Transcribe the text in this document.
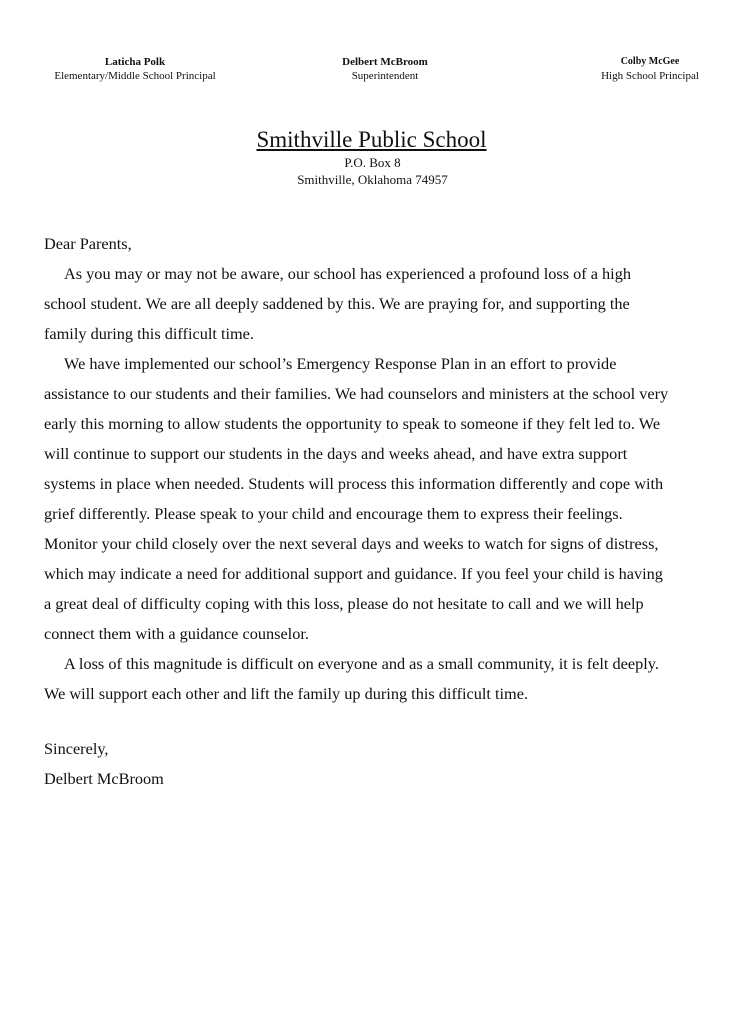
Laticha Polk
Elementary/Middle School Principal
Delbert McBroom
Superintendent
Colby McGee
High School Principal
Smithville Public School
P.O. Box 8
Smithville, Oklahoma 74957
Dear Parents,
As you may or may not be aware, our school has experienced a profound loss of a high
school student. We are all deeply saddened by this. We are praying for, and supporting the
family during this difficult time.
We have implemented our school’s Emergency Response Plan in an effort to provide
assistance to our students and their families. We had counselors and ministers at the school very
early this morning to allow students the opportunity to speak to someone if they felt led to. We
will continue to support our students in the days and weeks ahead, and have extra support
systems in place when needed. Students will process this information differently and cope with
grief differently. Please speak to your child and encourage them to express their feelings.
Monitor your child closely over the next several days and weeks to watch for signs of distress,
which may indicate a need for additional support and guidance. If you feel your child is having
a great deal of difficulty coping with this loss, please do not hesitate to call and we will help
connect them with a guidance counselor.
A loss of this magnitude is difficult on everyone and as a small community, it is felt deeply.
We will support each other and lift the family up during this difficult time.
Sincerely,
Delbert McBroom
